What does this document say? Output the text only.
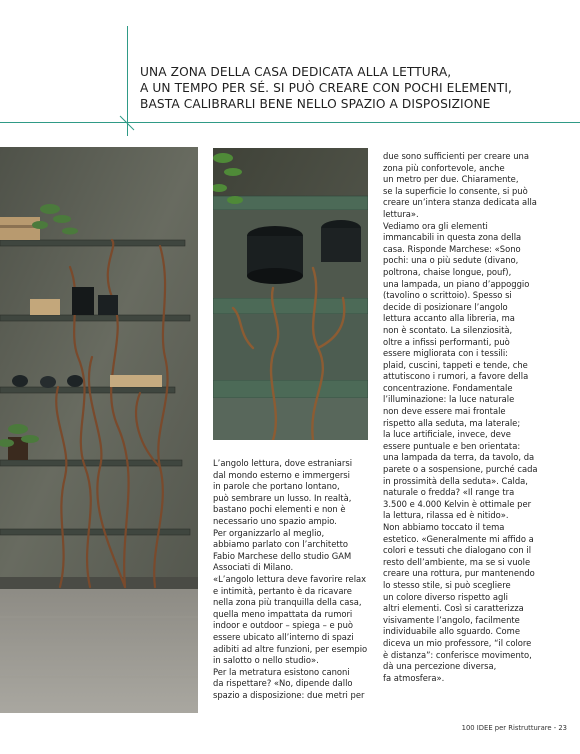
UNA ZONA DELLA CASA DEDICATA ALLA LETTURA,
A UN TEMPO PER SÉ. SI PUÒ CREARE CON POCHI ELEMENTI,
BASTA CALIBRARLI BENE NELLO SPAZIO A DISPOSIZIONE
L’angolo lettura, dove estraniarsi
dal mondo esterno e immergersi
in parole che portano lontano,
può sembrare un lusso. In realtà,
bastano pochi elementi e non è
necessario uno spazio ampio.
Per organizzarlo al meglio,
abbiamo parlato con l’architetto
Fabio Marchese dello studio GAM
Associati di Milano.
«L’angolo lettura deve favorire relax
e intimità, pertanto è da ricavare
nella zona più tranquilla della casa,
quella meno impattata da rumori
indoor e outdoor – spiega – e può
essere ubicato all’interno di spazi
adibiti ad altre funzioni, per esempio
in salotto o nello studio».
Per la metratura esistono canoni
da rispettare? «No, dipende dallo
spazio a disposizione: due metri per
due sono sufficienti per creare una
zona più confortevole, anche
un metro per due. Chiaramente,
se la superficie lo consente, si può
creare un’intera stanza dedicata alla
lettura».
Vediamo ora gli elementi
immancabili in questa zona della
casa. Risponde Marchese: «Sono
pochi: una o più sedute (divano,
poltrona, chaise longue, pouf),
una lampada, un piano d’appoggio
(tavolino o scrittoio). Spesso si
decide di posizionare l’angolo
lettura accanto alla libreria, ma
non è scontato. La silenziosità,
oltre a infissi performanti, può
essere migliorata con i tessili:
plaid, cuscini, tappeti e tende, che
attutiscono i rumori, a favore della
concentrazione. Fondamentale
l’illuminazione: la luce naturale
non deve essere mai frontale
rispetto alla seduta, ma laterale;
la luce artificiale, invece, deve
essere puntuale e ben orientata:
una lampada da terra, da tavolo, da
parete o a sospensione, purché cada
in prossimità della seduta». Calda,
naturale o fredda? «Il range tra
3.500 e 4.000 Kelvin è ottimale per
la lettura, rilassa ed è nitido».
Non abbiamo toccato il tema
estetico. «Generalmente mi affido a
colori e tessuti che dialogano con il
resto dell’ambiente, ma se si vuole
creare una rottura, pur mantenendo
lo stesso stile, si può scegliere
un colore diverso rispetto agli
altri elementi. Così si caratterizza
visivamente l’angolo, facilmente
individuabile allo sguardo. Come
diceva un mio professore, “il colore
è distanza”: conferisce movimento,
dà una percezione diversa,
fa atmosfera».
100 IDEE per Ristrutturare - 23
